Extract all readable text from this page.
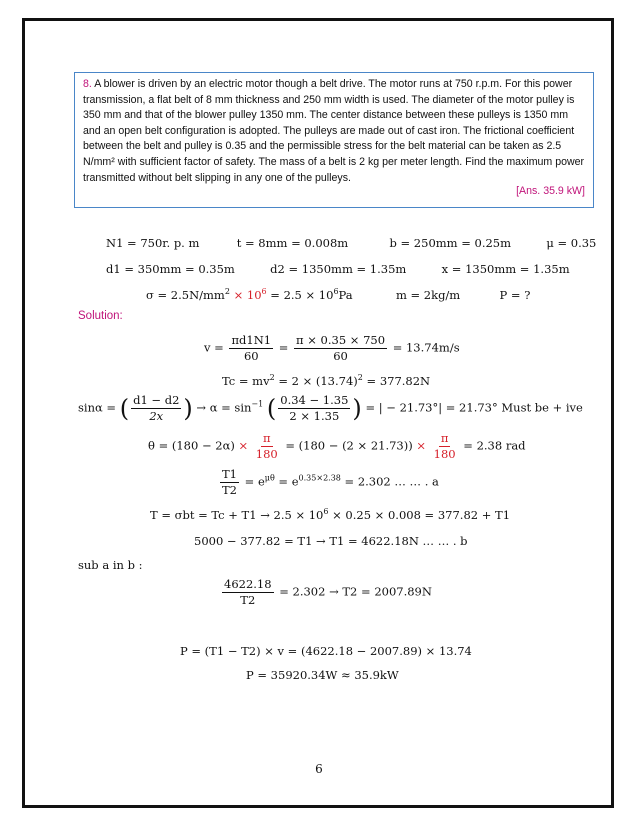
8. A blower is driven by an electric motor though a belt drive. The motor runs at 750 r.p.m. For this power transmission, a flat belt of 8 mm thickness and 250 mm width is used. The diameter of the motor pulley is 350 mm and that of the blower pulley 1350 mm. The center distance between these pulleys is 1350 mm and an open belt configuration is adopted. The pulleys are made out of cast iron. The frictional coefficient between the belt and pulley is 0.35 and the permissible stress for the belt material can be taken as 2.5 N/mm² with sufficient factor of safety. The mass of a belt is 2 kg per meter length. Find the maximum power transmitted without belt slipping in any one of the pulleys.
[Ans. 35.9 kW]
N1 = 750r. p. m	t = 8mm = 0.008m	b = 250mm = 0.25m	μ = 0.35
d1 = 350mm = 0.35m	d2 = 1350mm = 1.35m	x = 1350mm = 1.35m
$\sigma = 2.5N/mm^2 \times 10^6 = 2.5 \times 10^6Pa$	m = 2kg/m	P = ?
Solution:
$v = \frac{\pi d1N1}{60} = \frac{\pi \times 0.35 \times 750}{60} = 13.74m/s$
$Tc = mv^2 = 2 \times (13.74)^2 = 377.82N$
sinα = ( $\frac{d1 - d2}{2x}$ ) → $\alpha = \sin^{-1}$ ( $\frac{0.34 - 1.35}{2 \times 1.35}$ ) = | − 21.73°| = 21.73° Must be + ive
$\theta = (180 - 2\alpha) \times \frac{\pi}{180} = (180 - (2 \times 21.73)) \times \frac{\pi}{180} = 2.38$ rad
$\frac{T1}{T2} = e^{\mu\theta} = e^{0.35\times 2.38} = 2.302$ … … . a
$T = \sigma bt = Tc + T1 \to 2.5 \times 10^6 \times 0.25 \times 0.008 = 377.82 + T1$
5000 − 377.82 = T1 → T1 = 4622.18N … … . b
sub a in b :
$\frac{4622.18}{T2} = 2.302 \to T2 = 2007.89N$
P = (T1 − T2) × v = (4622.18 − 2007.89) × 13.74
P = 35920.34W ≈ 35.9kW
6
